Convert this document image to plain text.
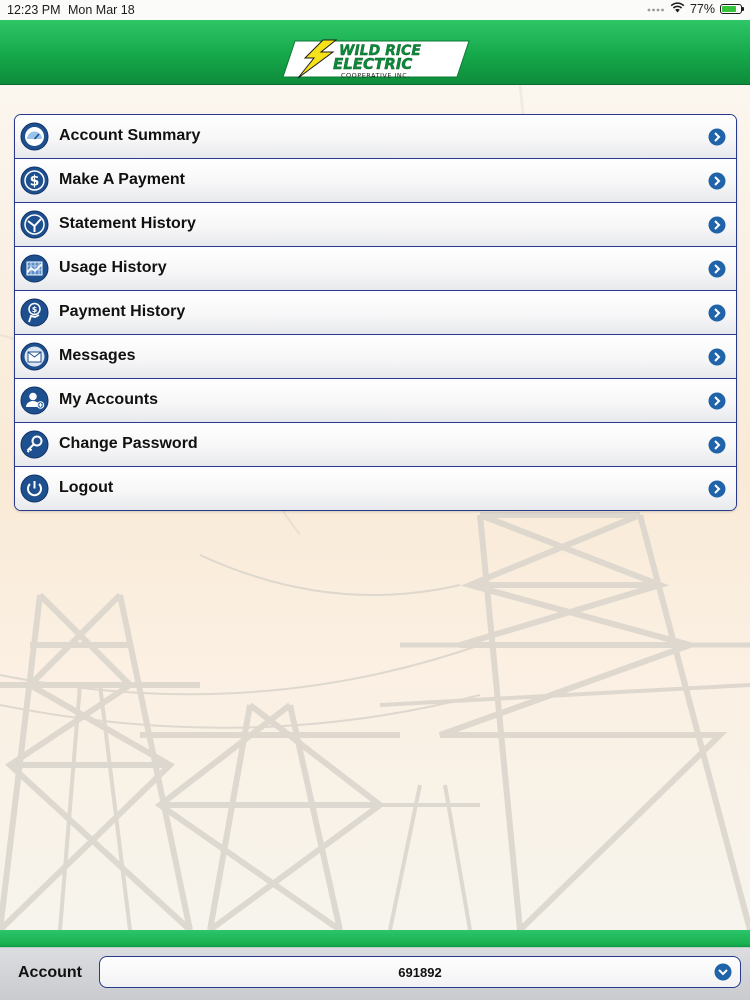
12:23 PM Mon Mar 18	77%
WILD RICE
ELECTRIC
COOPERATIVE INC.
Account Summary
$ Make A Payment
Statement History
Usage History
$ Payment History
Messages
My Accounts
Change Password
Logout
Account	691892
